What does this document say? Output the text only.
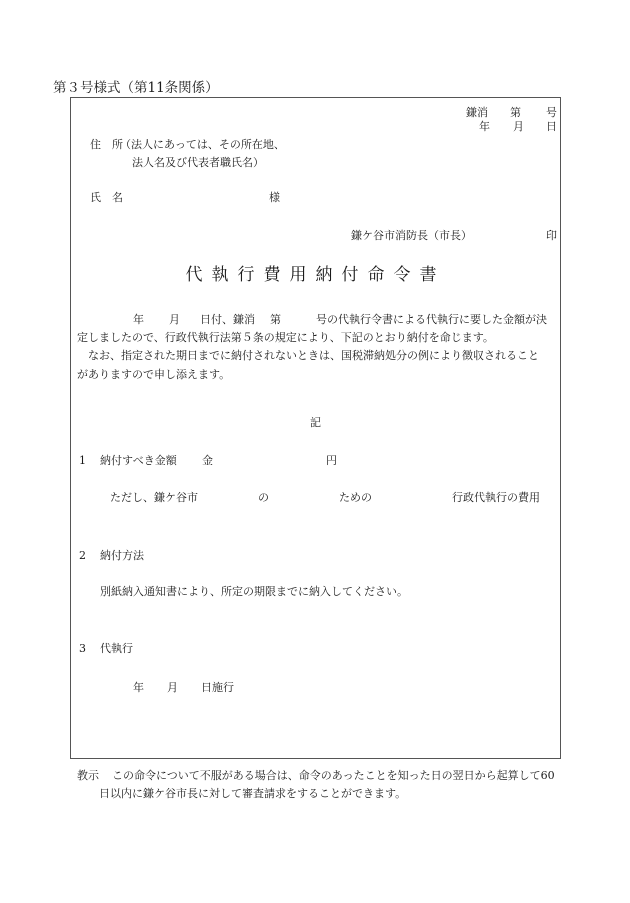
第３号様式（第11条関係）
鎌消 第 号
年 月 日
住　所
（法人にあっては、その所在地、
法人名及び代表者職氏名）
氏　名	様
鎌ケ谷市消防長（市長）	印
代執行費用納付命令書
年 月 日付、鎌消 第	号の代執行令書による代執行に要した金額が決
定しましたので、行政代執行法第５条の規定により、下記のとおり納付を命じます。
なお、指定された期日までに納付されないときは、国税滞納処分の例により徴収されること
がありますので申し添えます。
記
1 納付すべき金額 金	円
ただし、鎌ケ谷市	の	ための	行政代執行の費用
2 納付方法
別紙納入通知書により、所定の期限までに納入してください。
3 代執行
年 月 日施行
教示 この命令について不服がある場合は、命令のあったことを知った日の翌日から起算して60
日以内に鎌ケ谷市長に対して審査請求をすることができます。
